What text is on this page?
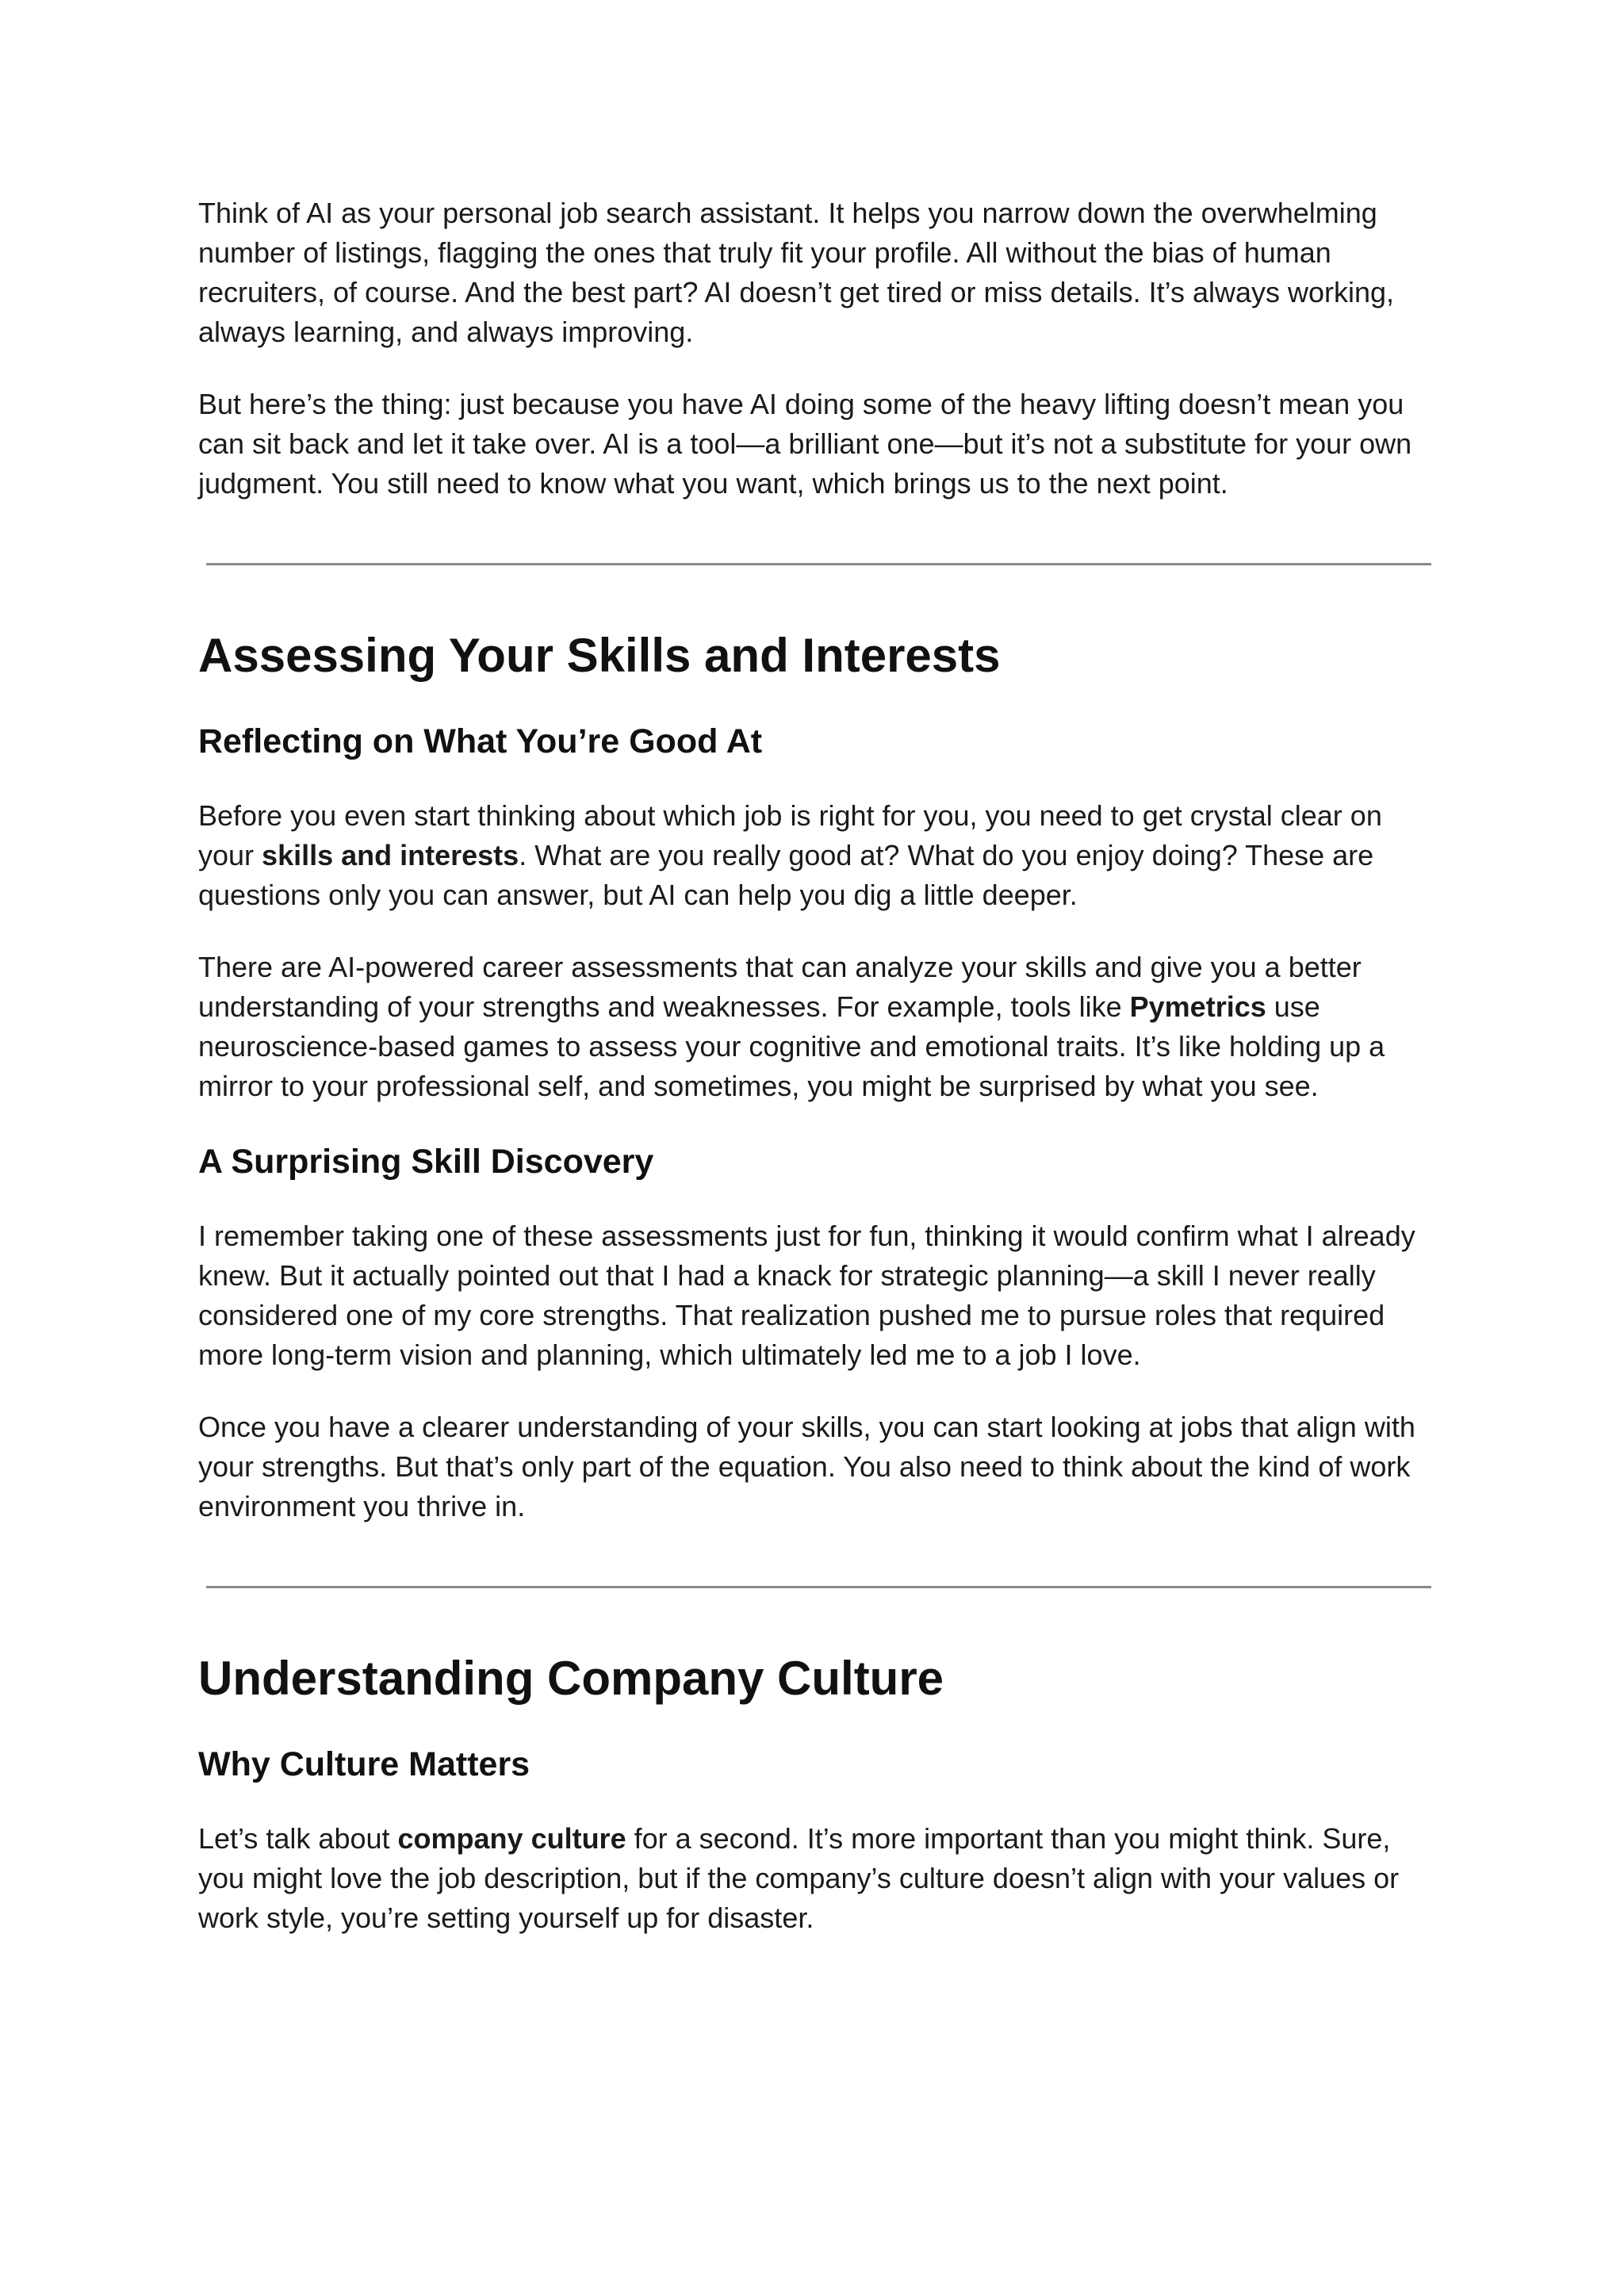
Think of AI as your personal job search assistant. It helps you narrow down the overwhelming number of listings, flagging the ones that truly fit your profile. All without the bias of human recruiters, of course. And the best part? AI doesn’t get tired or miss details. It’s always working, always learning, and always improving.

But here’s the thing: just because you have AI doing some of the heavy lifting doesn’t mean you can sit back and let it take over. AI is a tool—a brilliant one—but it’s not a substitute for your own judgment. You still need to know what you want, which brings us to the next point.

Assessing Your Skills and Interests
Reflecting on What You’re Good At

Before you even start thinking about which job is right for you, you need to get crystal clear on your skills and interests. What are you really good at? What do you enjoy doing? These are questions only you can answer, but AI can help you dig a little deeper.

There are AI-powered career assessments that can analyze your skills and give you a better understanding of your strengths and weaknesses. For example, tools like Pymetrics use neuroscience-based games to assess your cognitive and emotional traits. It’s like holding up a mirror to your professional self, and sometimes, you might be surprised by what you see.

A Surprising Skill Discovery

I remember taking one of these assessments just for fun, thinking it would confirm what I already knew. But it actually pointed out that I had a knack for strategic planning—a skill I never really considered one of my core strengths. That realization pushed me to pursue roles that required more long-term vision and planning, which ultimately led me to a job I love.

Once you have a clearer understanding of your skills, you can start looking at jobs that align with your strengths. But that’s only part of the equation. You also need to think about the kind of work environment you thrive in.

Understanding Company Culture
Why Culture Matters

Let’s talk about company culture for a second. It’s more important than you might think. Sure, you might love the job description, but if the company’s culture doesn’t align with your values or work style, you’re setting yourself up for disaster.
